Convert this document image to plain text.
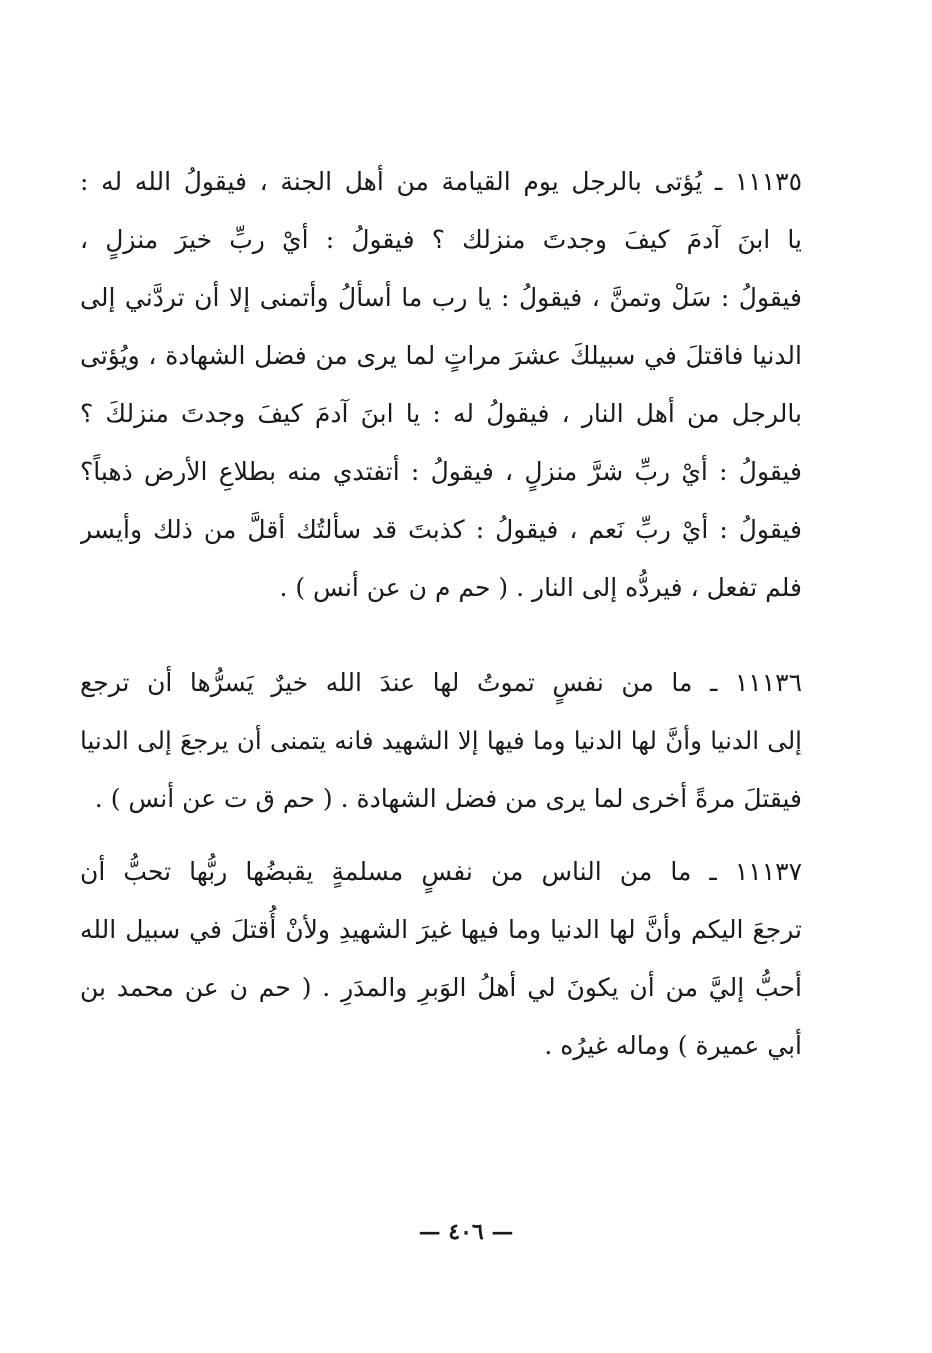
١١١٣٥ ـ يُؤتى بالرجل يوم القيامة من أهل الجنة ، فيقولُ الله له :
يا ابنَ آدمَ كيفَ وجدتَ منزلك ؟ فيقولُ : أيْ ربِّ خيرَ منزلٍ ،
فيقولُ : سَلْ وتمنَّ ، فيقولُ : يا رب ما أسألُ وأتمنى إلا أن تردَّني إلى
الدنيا فاقتلَ في سبيلكَ عشرَ مراتٍ لما يرى من فضل الشهادة ، ويُؤتى
بالرجل من أهل النار ، فيقولُ له : يا ابنَ آدمَ كيفَ وجدتَ منزلكَ ؟
فيقولُ : أيْ ربِّ شرَّ منزلٍ ، فيقولُ : أتفتدي منه بطلاعِ الأرض ذهباً؟
فيقولُ : أيْ ربِّ نَعم ، فيقولُ : كذبتَ قد سألتُك أقلَّ من ذلك وأيسر
فلم تفعل ، فيردُّه إلى النار . ( حم م ن عن أنس ) .
١١١٣٦ ـ ما من نفسٍ تموتُ لها عندَ الله خيرٌ يَسرُّها أن ترجع
إلى الدنيا وأنَّ لها الدنيا وما فيها إلا الشهيد فانه يتمنى أن يرجعَ إلى الدنيا
فيقتلَ مرةً أخرى لما يرى من فضل الشهادة . ( حم ق ت عن أنس ) .
١١١٣٧ ـ ما من الناس من نفسٍ مسلمةٍ يقبضُها ربُّها تحبُّ أن
ترجعَ اليكم وأنَّ لها الدنيا وما فيها غيرَ الشهيدِ ولأنْ أُقتلَ في سبيل الله
أحبُّ إليَّ من أن يكونَ لي أهلُ الوَبرِ والمدَرِ . ( حم ن عن محمد بن
أبي عميرة ) وماله غيرُه .
— ٤٠٦ —
